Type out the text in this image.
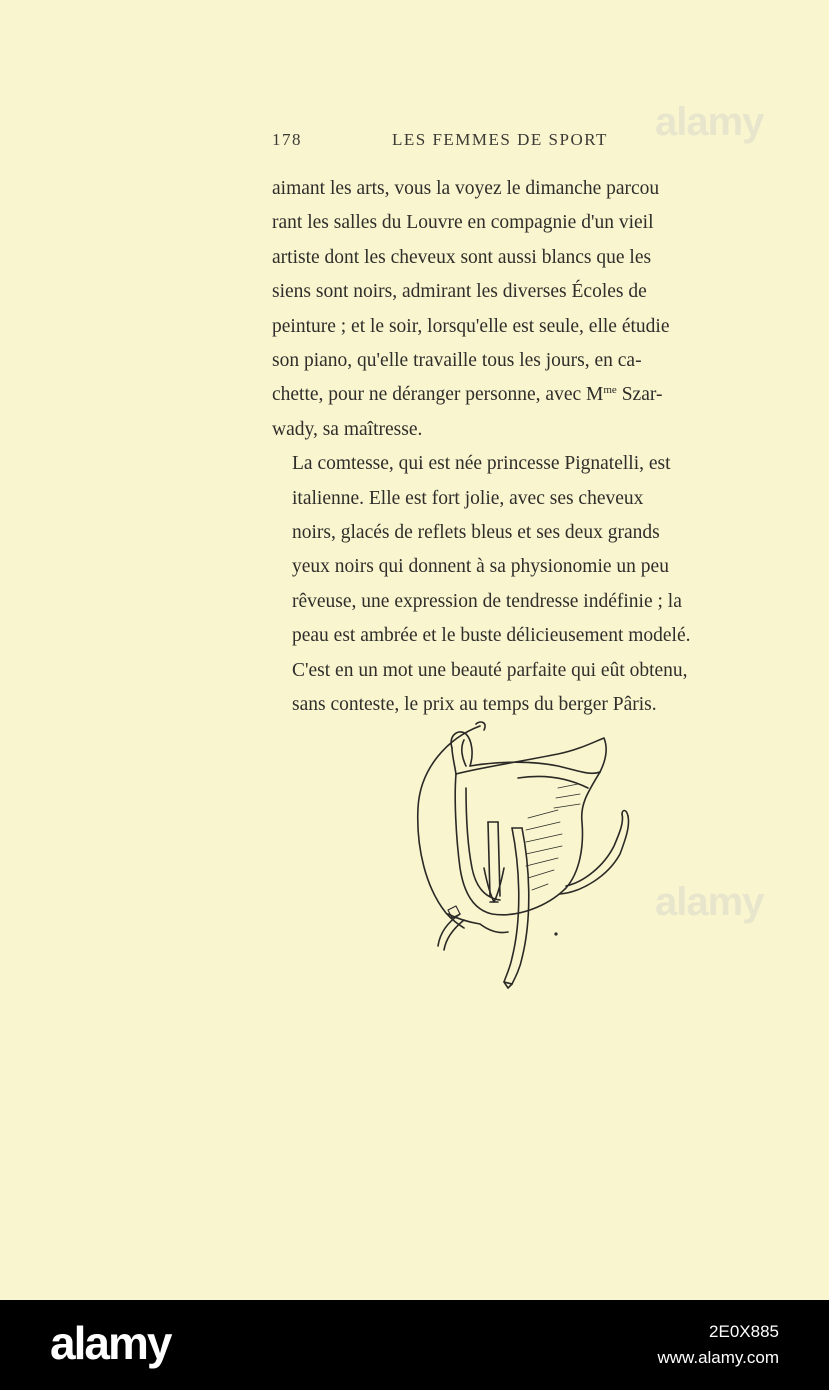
alamy
alamy
178	LES FEMMES DE SPORT
aimant les arts, vous la voyez le dimanche parcou
rant les salles du Louvre en compagnie d'un vieil
artiste dont les cheveux sont aussi blancs que les
siens sont noirs, admirant les diverses Écoles de
peinture ; et le soir, lorsqu'elle est seule, elle étudie
son piano, qu'elle travaille tous les jours, en ca-
chette, pour ne déranger personne, avec $M^{me}$ Szar-
wady, sa maîtresse.
La comtesse, qui est née princesse Pignatelli, est
italienne. Elle est fort jolie, avec ses cheveux
noirs, glacés de reflets bleus et ses deux grands
yeux noirs qui donnent à sa physionomie un peu
rêveuse, une expression de tendresse indéfinie ; la
peau est ambrée et le buste délicieusement modelé.
C'est en un mot une beauté parfaite qui eût obtenu,
sans conteste, le prix au temps du berger Pâris.
alamy	2E0X885
www.alamy.com
